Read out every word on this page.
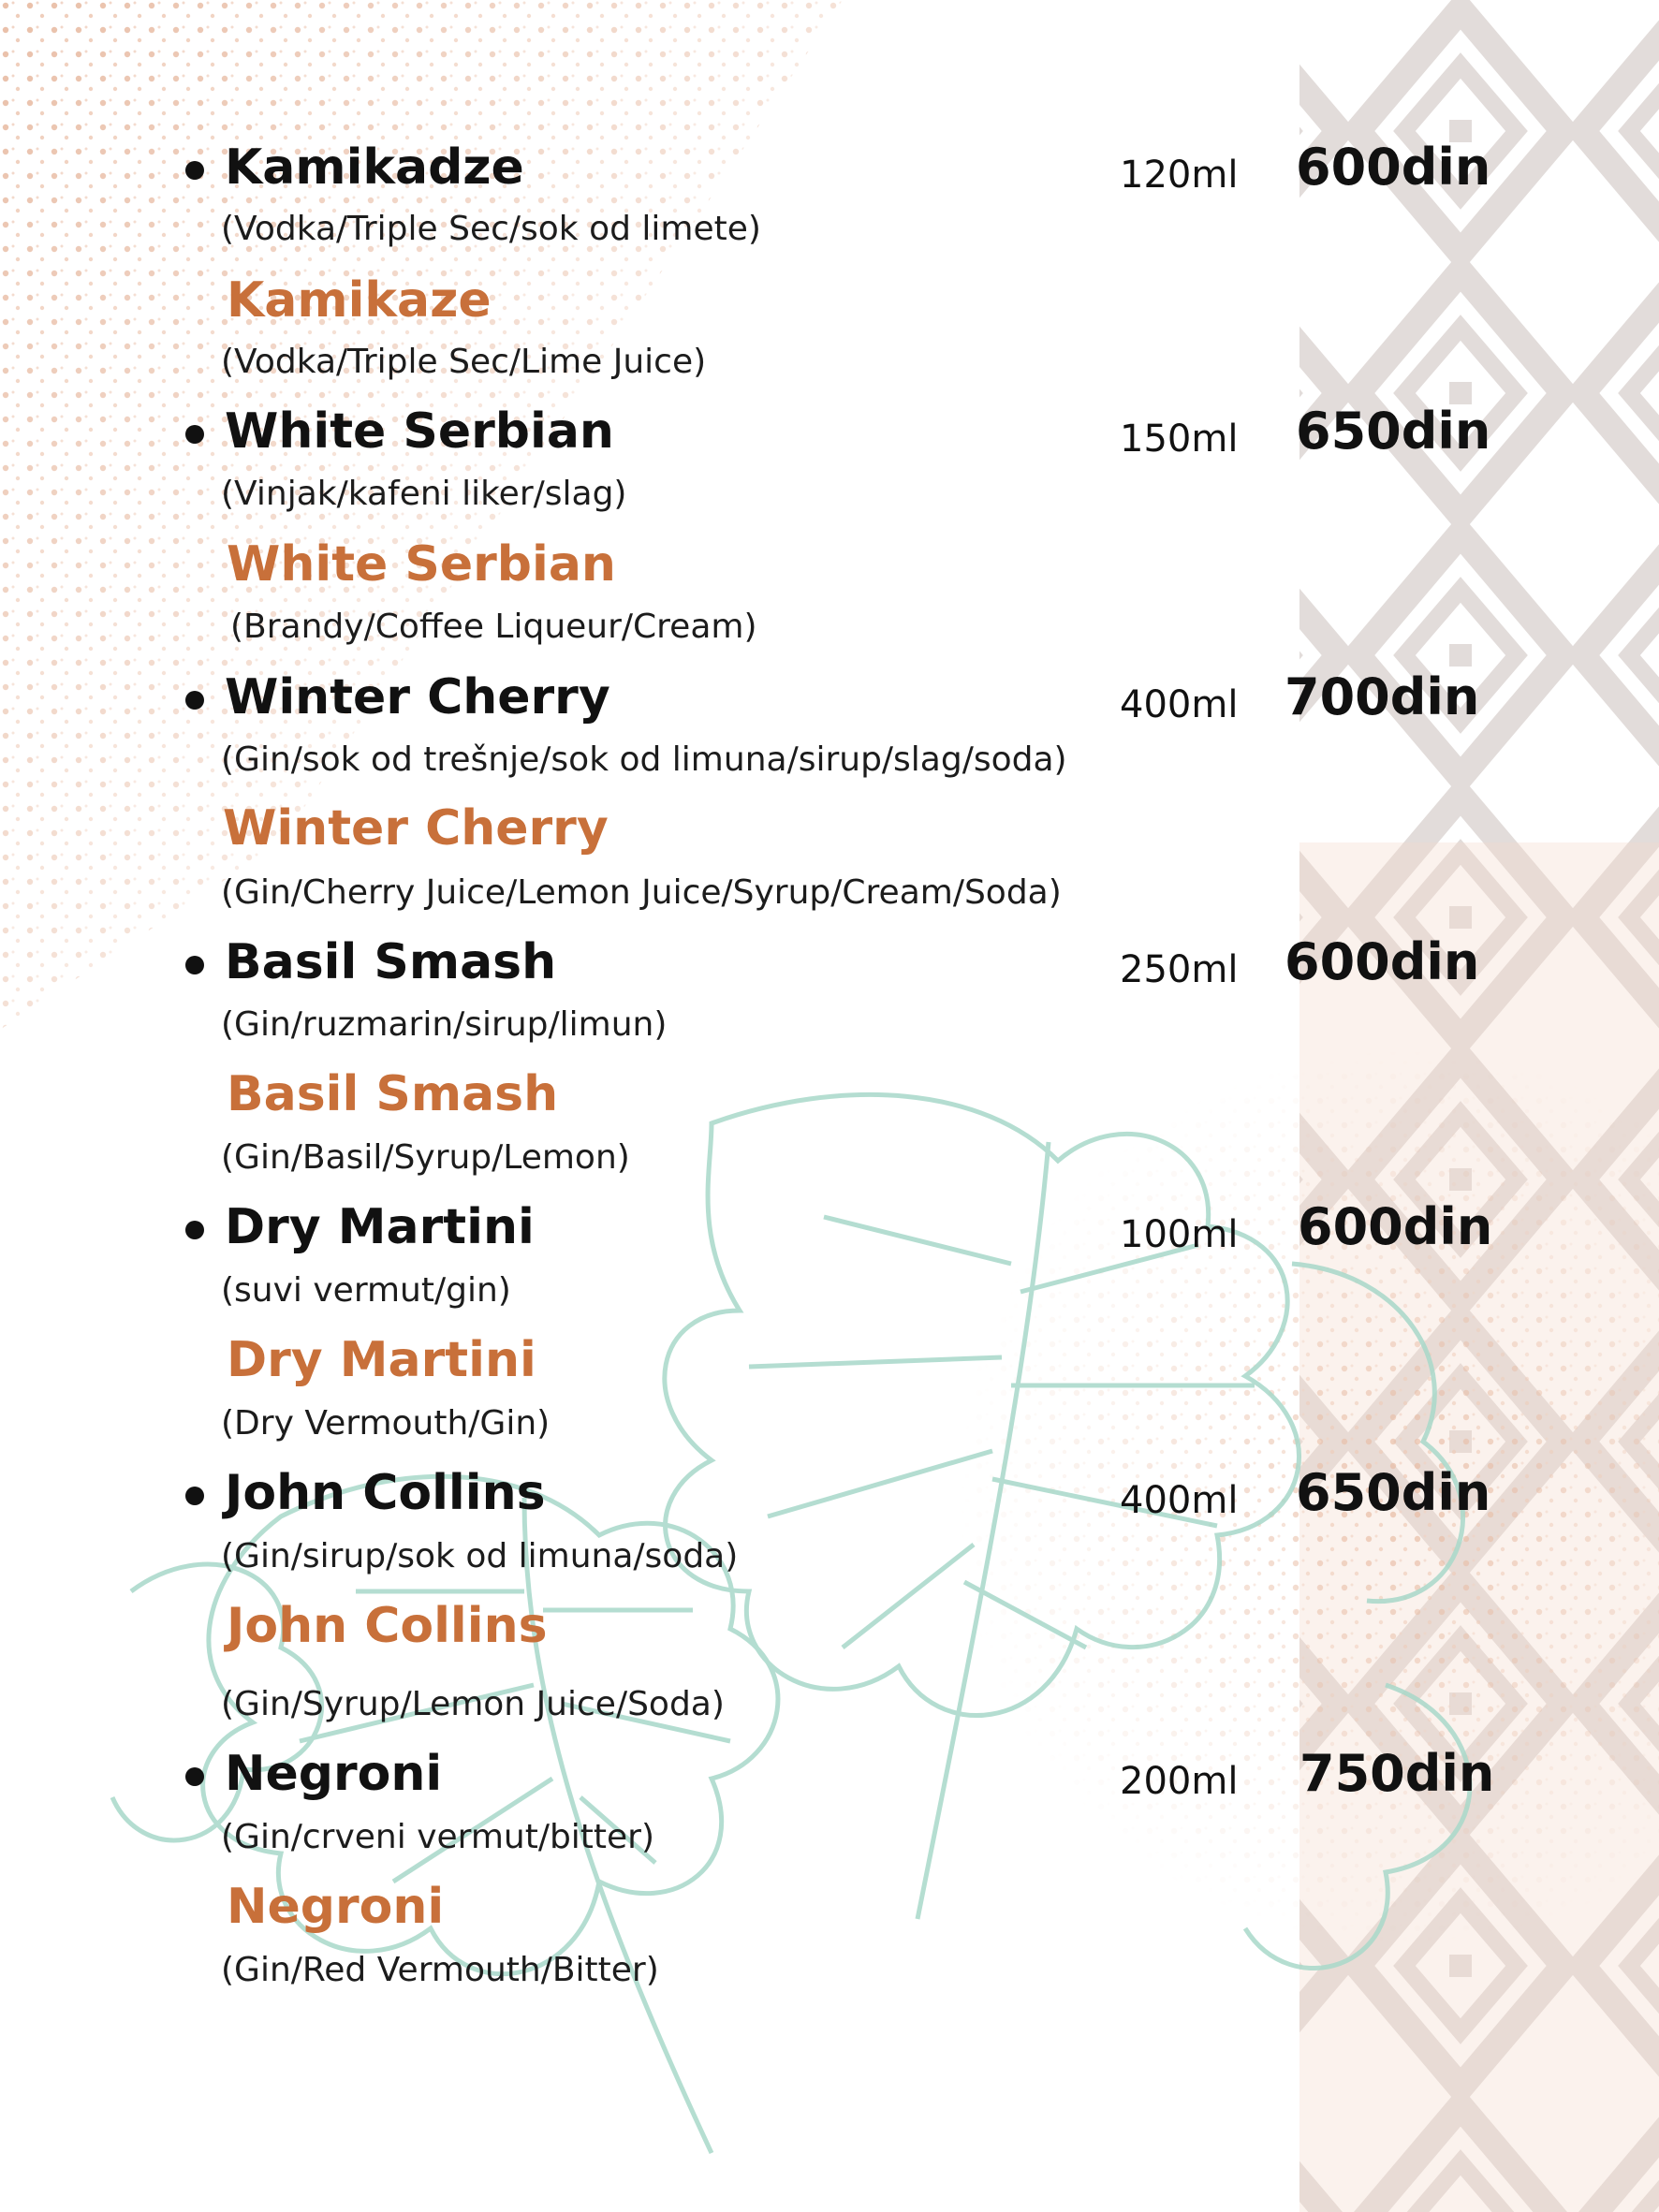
Kamikadze	120ml 600din
(Vodka/Triple Sec/sok od limete)
Kamikaze
(Vodka/Triple Sec/Lime Juice)
White Serbian	150ml 650din
(Vinjak/kafeni liker/slag)
White Serbian
(Brandy/Coffee Liqueur/Cream)
Winter Cherry	400ml 700din
(Gin/sok od trešnje/sok od limuna/sirup/slag/soda)
Winter Cherry
(Gin/Cherry Juice/Lemon Juice/Syrup/Cream/Soda)
Basil Smash	250ml 600din
(Gin/ruzmarin/sirup/limun)
Basil Smash
(Gin/Basil/Syrup/Lemon)
Dry Martini	100ml 600din
(suvi vermut/gin)
Dry Martini
(Dry Vermouth/Gin)
John Collins	400ml 650din
(Gin/sirup/sok od limuna/soda)
John Collins
(Gin/Syrup/Lemon Juice/Soda)
Negroni	200ml 750din
(Gin/crveni vermut/bitter)
Negroni
(Gin/Red Vermouth/Bitter)
